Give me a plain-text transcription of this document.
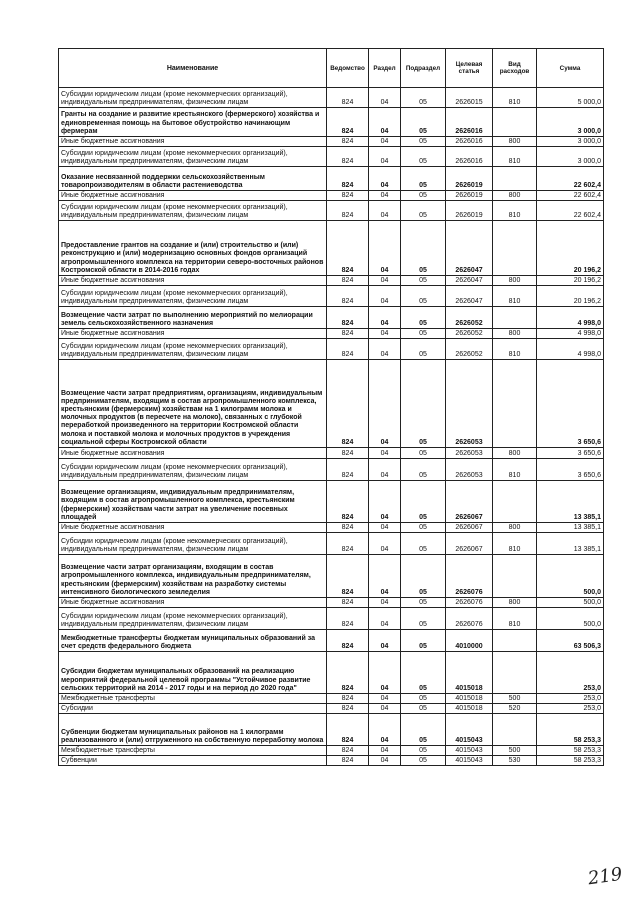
Наименование	Ведомство	Раздел	Подраздел	Целевая статья	Вид расходов	Сумма
Субсидии юридическим лицам (кроме некоммерческих организаций), индивидуальным предпринимателям, физическим лицам	824	04	05	2626015	810	5 000,0
Гранты на создание и развитие крестьянского (фермерского) хозяйства и единовременная помощь на бытовое обустройство начинающим фермерам	824	04	05	2626016		3 000,0
Иные бюджетные ассигнования	824	04	05	2626016	800	3 000,0
Субсидии юридическим лицам (кроме некоммерческих организаций), индивидуальным предпринимателям, физическим лицам	824	04	05	2626016	810	3 000,0
Оказание несвязанной поддержки сельскохозяйственным товаропроизводителям в области растениеводства	824	04	05	2626019		22 602,4
Иные бюджетные ассигнования	824	04	05	2626019	800	22 602,4
Субсидии юридическим лицам (кроме некоммерческих организаций), индивидуальным предпринимателям, физическим лицам	824	04	05	2626019	810	22 602,4
Предоставление грантов на создание и (или) строительство и (или) реконструкцию и (или) модернизацию основных фондов организаций агропромышленного комплекса на территории северо-восточных районов Костромской области в 2014-2016 годах	824	04	05	2626047		20 196,2
Иные бюджетные ассигнования	824	04	05	2626047	800	20 196,2
Субсидии юридическим лицам (кроме некоммерческих организаций), индивидуальным предпринимателям, физическим лицам	824	04	05	2626047	810	20 196,2
Возмещение части затрат по выполнению мероприятий по мелиорации земель сельскохозяйственного назначения	824	04	05	2626052		4 998,0
Иные бюджетные ассигнования	824	04	05	2626052	800	4 998,0
Субсидии юридическим лицам (кроме некоммерческих организаций), индивидуальным предпринимателям, физическим лицам	824	04	05	2626052	810	4 998,0
Возмещение части затрат предприятиям, организациям, индивидуальным предпринимателям, входящим в состав агропромышленного комплекса, крестьянским (фермерским) хозяйствам на 1 килограмм молока и молочных продуктов (в пересчете на молоко), связанных с глубокой переработкой произведенного на территории Костромской области молока и поставкой молока и молочных продуктов в учреждения социальной сферы Костромской области	824	04	05	2626053		3 650,6
Иные бюджетные ассигнования	824	04	05	2626053	800	3 650,6
Субсидии юридическим лицам (кроме некоммерческих организаций), индивидуальным предпринимателям, физическим лицам	824	04	05	2626053	810	3 650,6
Возмещение организациям, индивидуальным предпринимателям, входящим в состав агропромышленного комплекса, крестьянским (фермерским) хозяйствам части затрат на увеличение посевных площадей	824	04	05	2626067		13 385,1
Иные бюджетные ассигнования	824	04	05	2626067	800	13 385,1
Субсидии юридическим лицам (кроме некоммерческих организаций), индивидуальным предпринимателям, физическим лицам	824	04	05	2626067	810	13 385,1
Возмещение части затрат организациям, входящим в состав агропромышленного комплекса, индивидуальным предпринимателям, крестьянским (фермерским) хозяйствам на разработку системы интенсивного биологического земледелия	824	04	05	2626076		500,0
Иные бюджетные ассигнования	824	04	05	2626076	800	500,0
Субсидии юридическим лицам (кроме некоммерческих организаций), индивидуальным предпринимателям, физическим лицам	824	04	05	2626076	810	500,0
Межбюджетные трансферты бюджетам муниципальных образований за счет средств федерального бюджета	824	04	05	4010000		63 506,3
Субсидии бюджетам муниципальных образований на реализацию мероприятий федеральной целевой программы "Устойчивое развитие сельских территорий на 2014 - 2017 годы и на период до 2020 года"	824	04	05	4015018		253,0
Межбюджетные трансферты	824	04	05	4015018	500	253,0
Субсидии	824	04	05	4015018	520	253,0
Субвенции бюджетам муниципальных районов на 1 килограмм реализованного и (или) отгруженного на собственную переработку молока	824	04	05	4015043		58 253,3
Межбюджетные трансферты	824	04	05	4015043	500	58 253,3
Субвенции	824	04	05	4015043	530	58 253,3
219
